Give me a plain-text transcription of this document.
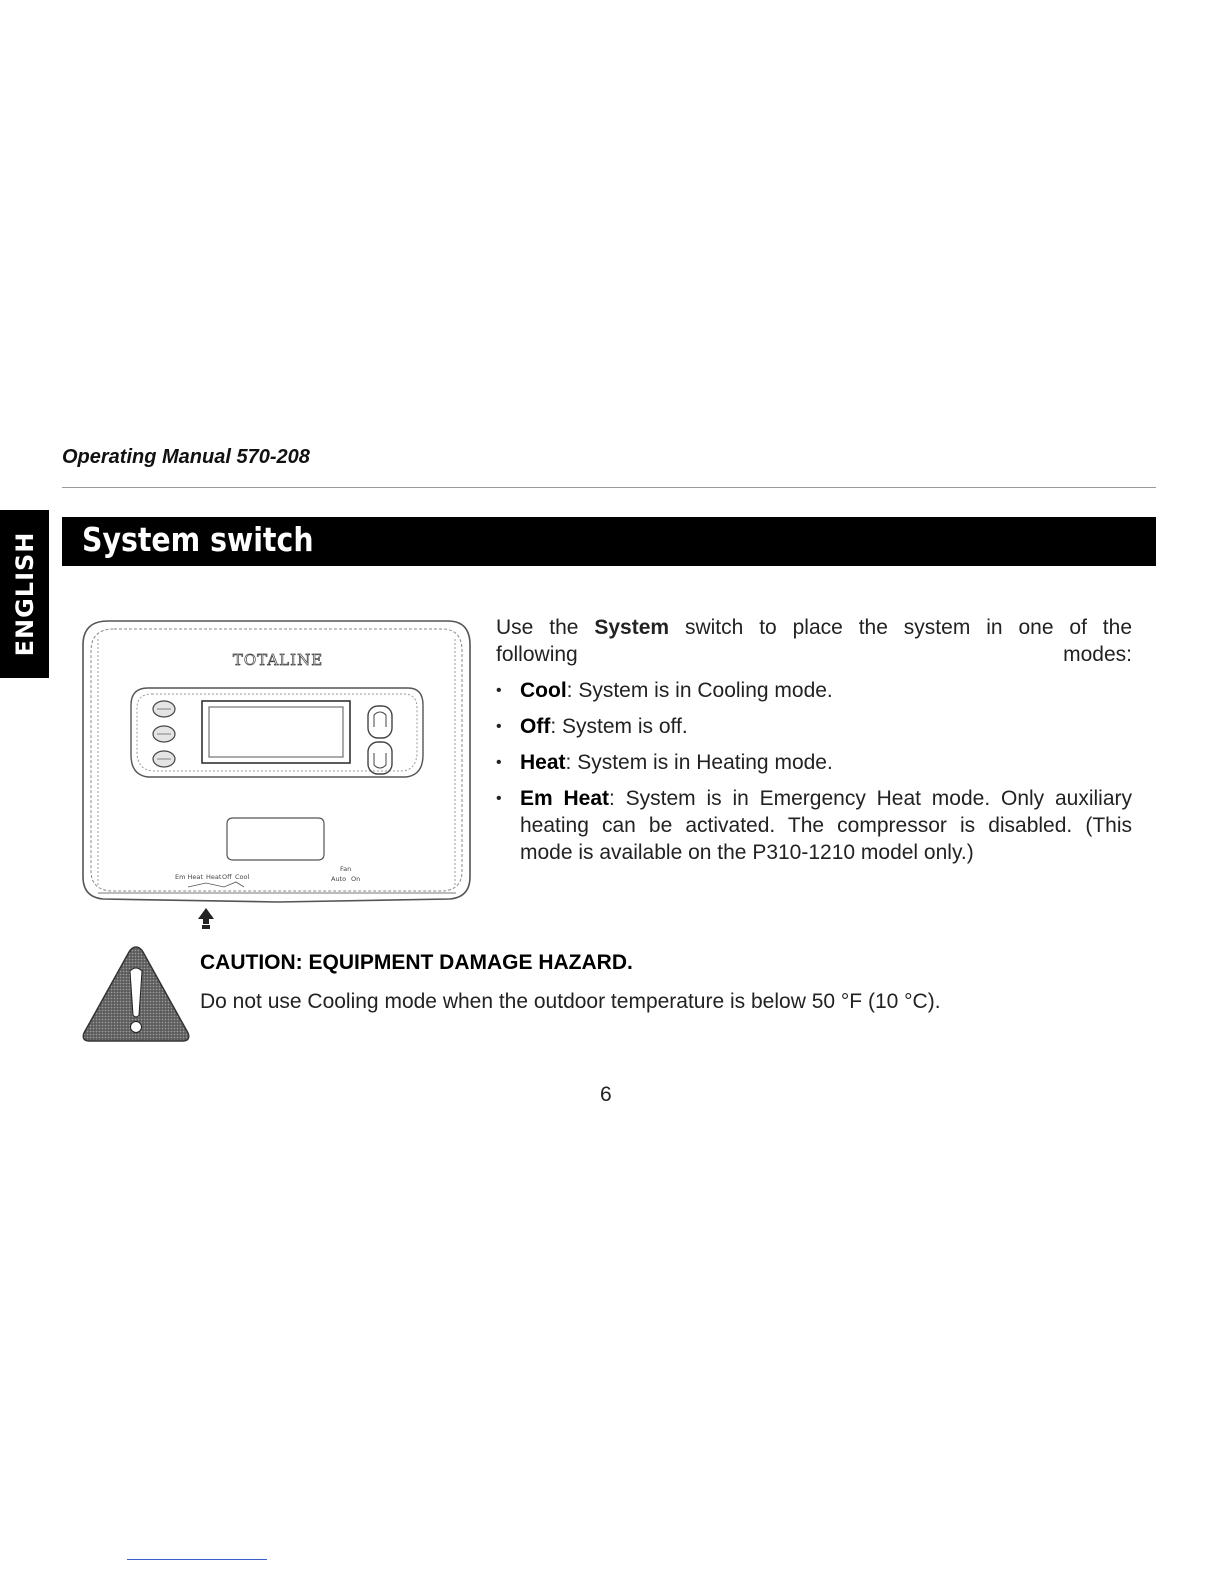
Operating Manual 570-208
ENGLISH System switch
TOTALINE
Em Heat Heat Off Cool
Fan
Auto On
Use the System switch to place the system in one of the
following modes:
• Cool: System is in Cooling mode.
• Off: System is off.
• Heat: System is in Heating mode.
• Em Heat: System is in Emergency Heat mode. Only auxiliary heating can be activated. The compressor is disabled. (This mode is available on the P310-1210 model only.)
CAUTION: EQUIPMENT DAMAGE HAZARD.
Do not use Cooling mode when the outdoor temperature is below 50 °F (10 °C).
6
